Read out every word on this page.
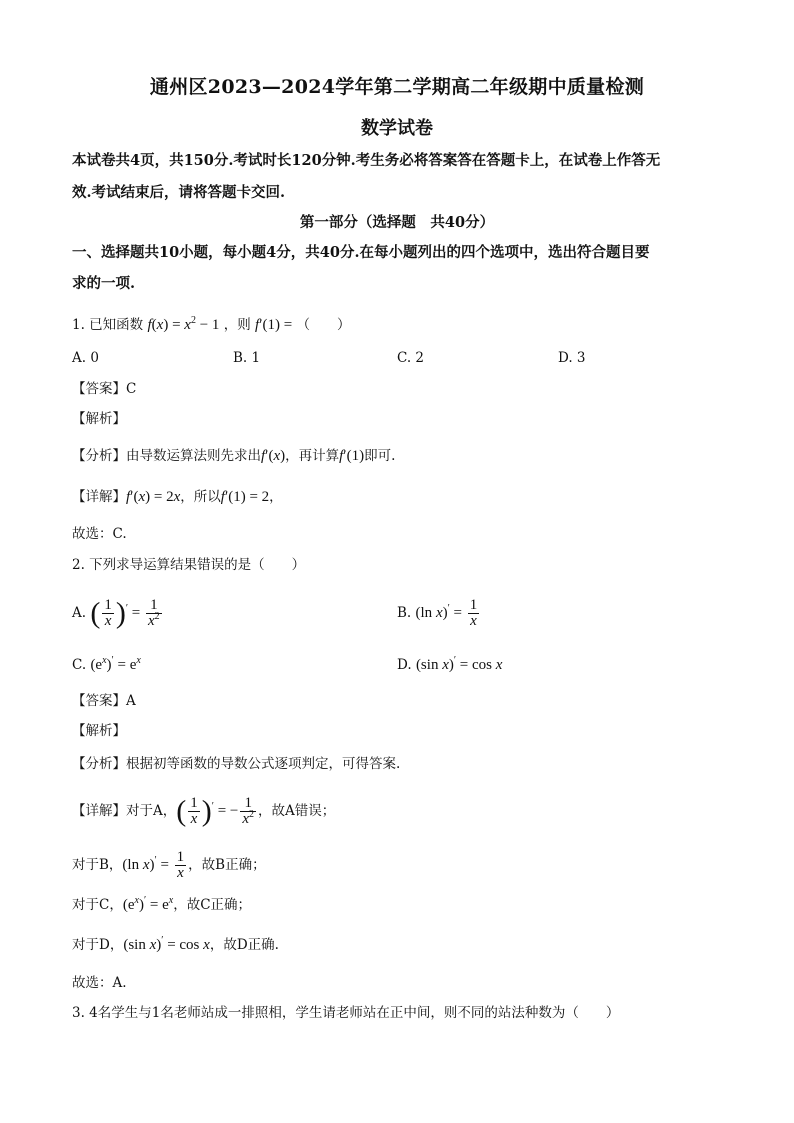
通州区2023—2024学年第二学期高二年级期中质量检测
数学试卷
本试卷共4页，共150分.考试时长120分钟.考生务必将答案答在答题卡上，在试卷上作答无
效.考试结束后，请将答题卡交回.
第一部分（选择题　共40分）
一、选择题共10小题，每小题4分，共40分.在每小题列出的四个选项中，选出符合题目要
求的一项.
1. 已知函数 $f(x) = x^2 - 1$ ，则 f′(1) = （　　）
A. 0	B. 1	C. 2	D. 3
【答案】C
【解析】
【分析】由导数运算法则先求出f′(x)，再计算f′(1)即可.
【详解】f′(x) = 2x，所以f′(1) = 2，
故选：C.
2. 下列求导运算结果错误的是（　　）
A. ( $\frac{1}{x} )' = \frac{1}{x^2}$	B. (ln $x)' = \frac{1}{x}$
C. $(e^x)' = e^x$	D. (sin x)′ = cos x
【答案】A
【解析】
【分析】根据初等函数的导数公式逐项判定，可得答案.
【详解】对于A，( $\frac{1}{x} )'$ = − $\frac{1}{x^2}$ ，故A错误；
对于B，(ln $x)' = \frac{1}{x}$ ，故B正确；
对于C，$(e^x)' = e^x$，故C正确；
对于D，(sin x)′ = cos x，故D正确.
故选：A.
3. 4名学生与1名老师站成一排照相，学生请老师站在正中间，则不同的站法种数为（　　）
